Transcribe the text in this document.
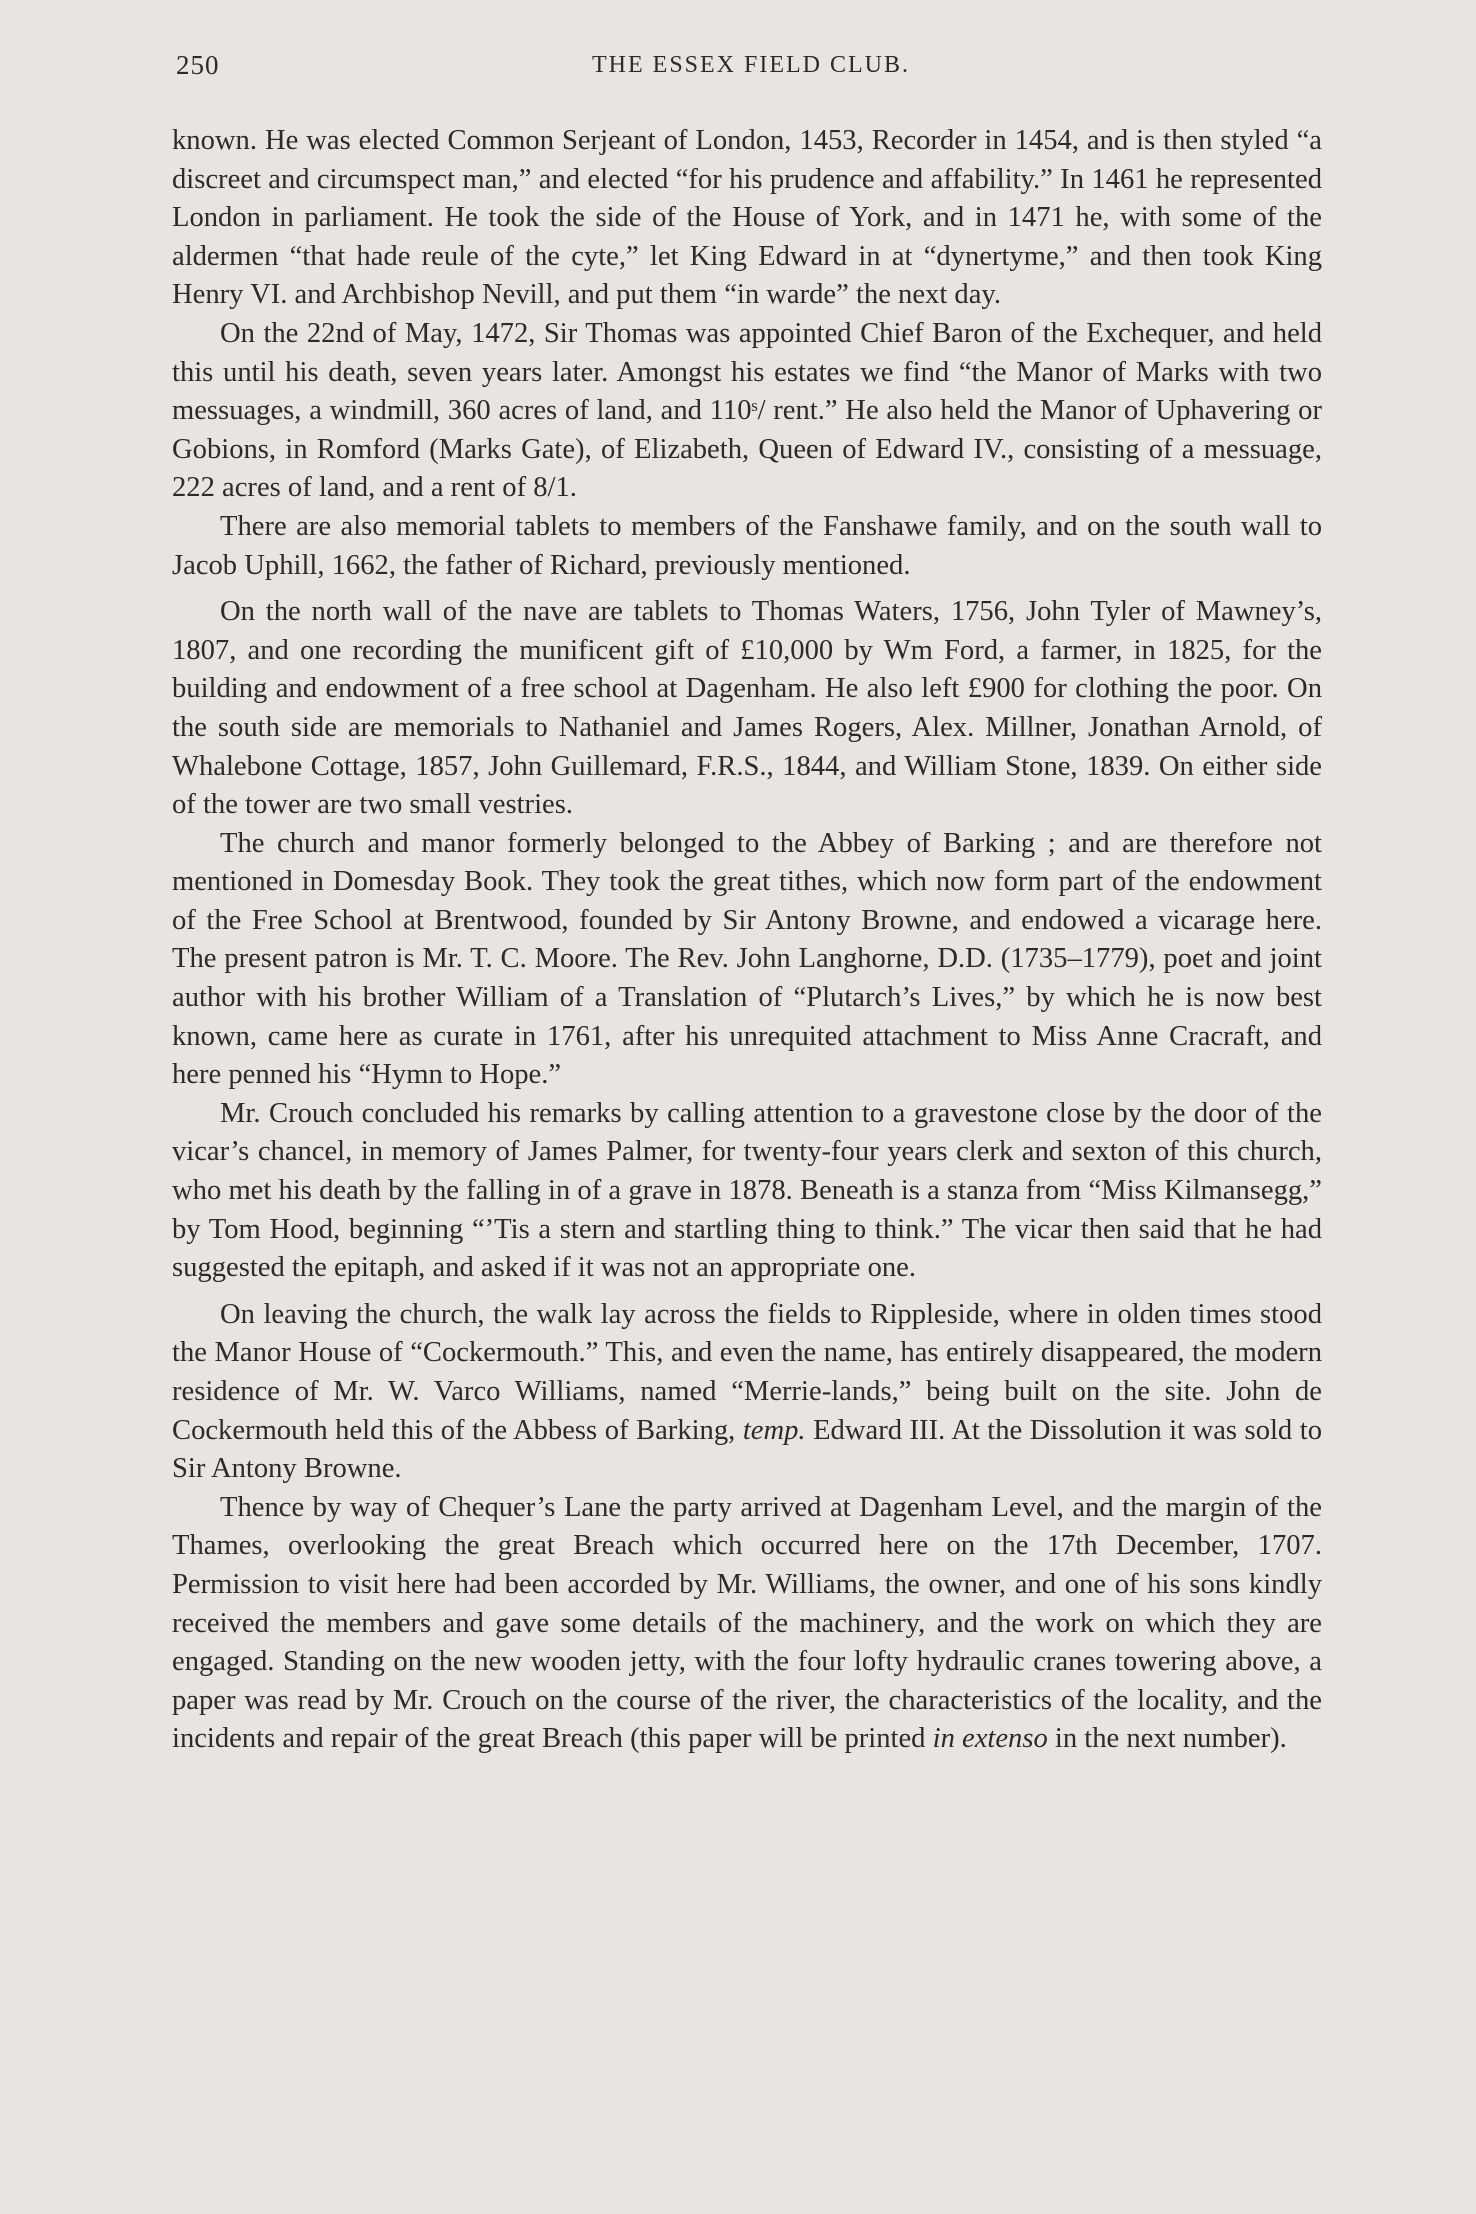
250	THE ESSEX FIELD CLUB.

known. He was elected Common Serjeant of London, 1453, Recorder in 1454, and is then styled “a discreet and circumspect man,” and elected “for his prudence and affability.” In 1461 he represented London in parliament. He took the side of the House of York, and in 1471 he, with some of the aldermen “that hade reule of the cyte,” let King Edward in at “dynertyme,” and then took King Henry VI. and Archbishop Nevill, and put them “in warde” the next day.

On the 22nd of May, 1472, Sir Thomas was appointed Chief Baron of the Exchequer, and held this until his death, seven years later. Amongst his estates we find “the Manor of Marks with two messuages, a windmill, 360 acres of land, and 110ˢ/ rent.” He also held the Manor of Uphavering or Gobions, in Romford (Marks Gate), of Elizabeth, Queen of Edward IV., consisting of a messuage, 222 acres of land, and a rent of 8/1.

There are also memorial tablets to members of the Fanshawe family, and on the south wall to Jacob Uphill, 1662, the father of Richard, previously mentioned.

On the north wall of the nave are tablets to Thomas Waters, 1756, John Tyler of Mawney’s, 1807, and one recording the munificent gift of £10,000 by Wm Ford, a farmer, in 1825, for the building and endowment of a free school at Dagenham. He also left £900 for clothing the poor. On the south side are memorials to Nathaniel and James Rogers, Alex. Millner, Jonathan Arnold, of Whalebone Cottage, 1857, John Guillemard, F.R.S., 1844, and William Stone, 1839. On either side of the tower are two small vestries.

The church and manor formerly belonged to the Abbey of Barking ; and are therefore not mentioned in Domesday Book. They took the great tithes, which now form part of the endowment of the Free School at Brentwood, founded by Sir Antony Browne, and endowed a vicarage here. The present patron is Mr. T. C. Moore. The Rev. John Langhorne, D.D. (1735–1779), poet and joint author with his brother William of a Translation of “Plutarch’s Lives,” by which he is now best known, came here as curate in 1761, after his unrequited attachment to Miss Anne Cracraft, and here penned his “Hymn to Hope.”

Mr. Crouch concluded his remarks by calling attention to a gravestone close by the door of the vicar’s chancel, in memory of James Palmer, for twenty-four years clerk and sexton of this church, who met his death by the falling in of a grave in 1878. Beneath is a stanza from “Miss Kilmansegg,” by Tom Hood, beginning “’Tis a stern and startling thing to think.” The vicar then said that he had suggested the epitaph, and asked if it was not an appropriate one.

On leaving the church, the walk lay across the fields to Rippleside, where in olden times stood the Manor House of “Cockermouth.” This, and even the name, has entirely disappeared, the modern residence of Mr. W. Varco Williams, named “Merrie-lands,” being built on the site. John de Cockermouth held this of the Abbess of Barking, temp. Edward III. At the Dissolution it was sold to Sir Antony Browne.

Thence by way of Chequer’s Lane the party arrived at Dagenham Level, and the margin of the Thames, overlooking the great Breach which occurred here on the 17th December, 1707. Permission to visit here had been accorded by Mr. Williams, the owner, and one of his sons kindly received the members and gave some details of the machinery, and the work on which they are engaged. Standing on the new wooden jetty, with the four lofty hydraulic cranes towering above, a paper was read by Mr. Crouch on the course of the river, the characteristics of the locality, and the incidents and repair of the great Breach (this paper will be printed in extenso in the next number).
